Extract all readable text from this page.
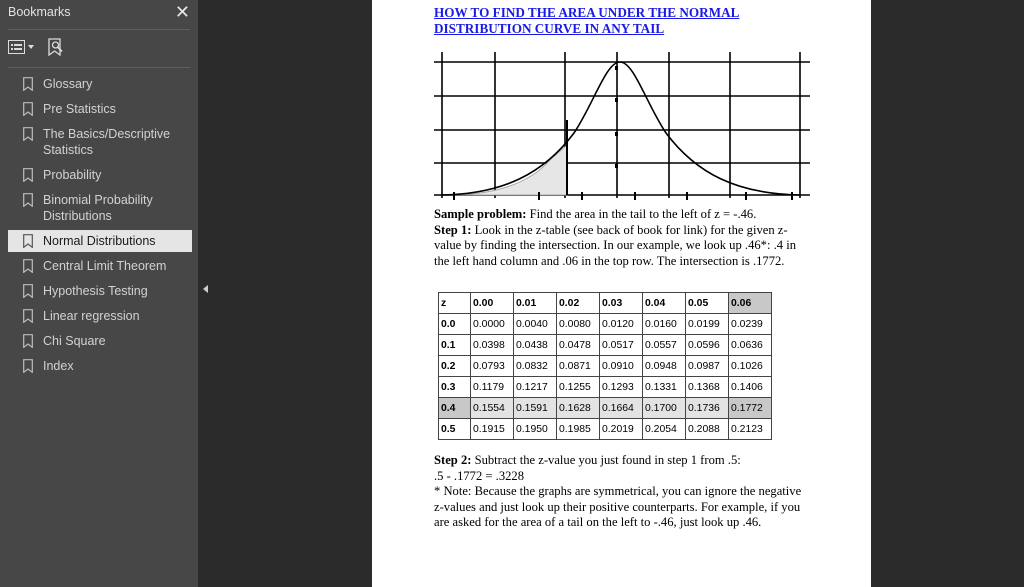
Bookmarks	✕
Glossary
Pre Statistics
The Basics/Descriptive Statistics
Probability
Binomial Probability Distributions
Normal Distributions
Central Limit Theorem
Hypothesis Testing
Linear regression
Chi Square
Index
HOW TO FIND THE AREA UNDER THE NORMAL
DISTRIBUTION CURVE IN ANY TAIL
Sample problem: Find the area in the tail to the left of z = -.46.
Step 1: Look in the z-table (see back of book for link) for the given z- value by finding the intersection. In our example, we look up .46*: .4 in the left hand column and .06 in the top row. The intersection is .1772.
z	0.00	0.01	0.02	0.03	0.04	0.05	0.06
0.0	0.0000	0.0040	0.0080	0.0120	0.0160	0.0199	0.0239
0.1	0.0398	0.0438	0.0478	0.0517	0.0557	0.0596	0.0636
0.2	0.0793	0.0832	0.0871	0.0910	0.0948	0.0987	0.1026
0.3	0.1179	0.1217	0.1255	0.1293	0.1331	0.1368	0.1406
0.4	0.1554	0.1591	0.1628	0.1664	0.1700	0.1736	0.1772
0.5	0.1915	0.1950	0.1985	0.2019	0.2054	0.2088	0.2123
Step 2: Subtract the z-value you just found in step 1 from .5:
.5 - .1772 = .3228
* Note: Because the graphs are symmetrical, you can ignore the negative z-values and just look up their positive counterparts. For example, if you are asked for the area of a tail on the left to -.46, just look up .46.
